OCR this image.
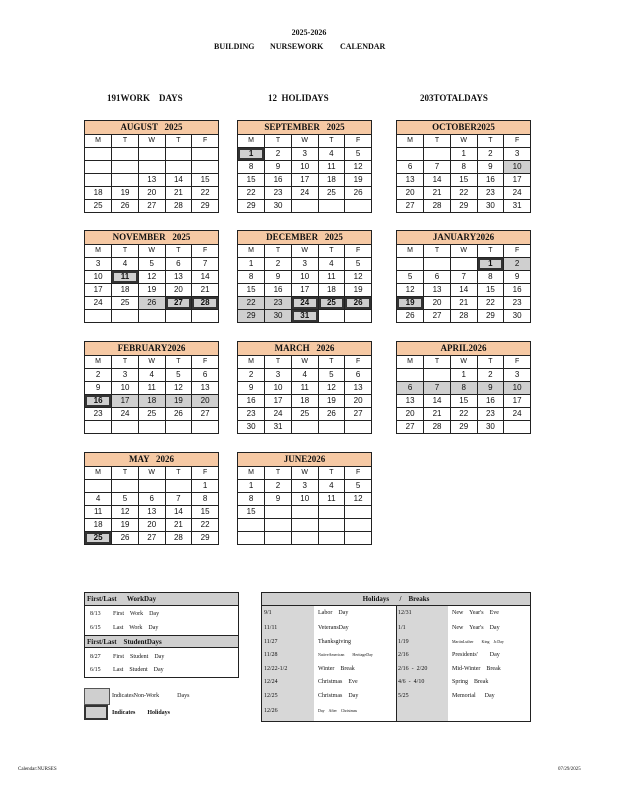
2025-2026
BUILDING NURSEWORK CALENDAR
191WORK    DAYS	12  HOLIDAYS	203TOTALDAYS
AUGUST   2025
M	T	W	T	F

		13	14	15
18	19	20	21	22
25	26	27	28	29
SEPTEMBER   2025
M	T	W	T	F
1	2	3	4	5
8	9	10	11	12
15	16	17	18	19
22	23	24	25	26
29	30			
OCTOBER2025
M	T	W	T	F
		1	2	3
6	7	8	9	10
13	14	15	16	17
20	21	22	23	24
27	28	29	30	31
NOVEMBER   2025
M	T	W	T	F
3	4	5	6	7
10	11	12	13	14
17	18	19	20	21
24	25	26	27	28

DECEMBER   2025
M	T	W	T	F
1	2	3	4	5
8	9	10	11	12
15	16	17	18	19
22	23	24	25	26
29	30	31		
JANUARY2026
M	T	W	T	F
			1	2
5	6	7	8	9
12	13	14	15	16
19	20	21	22	23
26	27	28	29	30
FEBRUARY2026
M	T	W	T	F
2	3	4	5	6
9	10	11	12	13
16	17	18	19	20
23	24	25	26	27

MARCH   2026
M	T	W	T	F
2	3	4	5	6
9	10	11	12	13
16	17	18	19	20
23	24	25	26	27
30	31			
APRIL2026
M	T	W	T	F
		1	2	3
6	7	8	9	10
13	14	15	16	17
20	21	22	23	24
27	28	29	30	
MAY   2026
M	T	W	T	F
				1
4	5	6	7	8
11	12	13	14	15
18	19	20	21	22
25	26	27	28	29
JUNE2026
M	T	W	T	F
1	2	3	4	5
8	9	10	11	12
15				

First/Last      WorkDay
8/13 First    Work    Day
6/15 Last    Work    Day
First/Last    StudentDays
8/27 First    Student    Day
6/15 Last    Student    Day
IndicatesNon-Work            Days
Indicates        Holidays
Holidays      /    Breaks
9/1	Labor    Day
11/11	VeteransDay
11/27	Thanksgiving
11/28	NativeAmerican        HeritageDay
12/22-1/2	Winter    Break
12/24	Christmas    Eve
12/25	Christmas    Day
12/26	Day    After    Christmas
12/31	New    Year's    Eve
1/1	New    Year's    Day
1/19	MartinLuther        King    Jr.Day
2/16	Presidents'        Day
2/16  -  2/20	Mid-Winter    Break
4/6  -  4/10	Spring    Break
5/25	Memorial      Day
Calendar:NURSES	07/29/2025
